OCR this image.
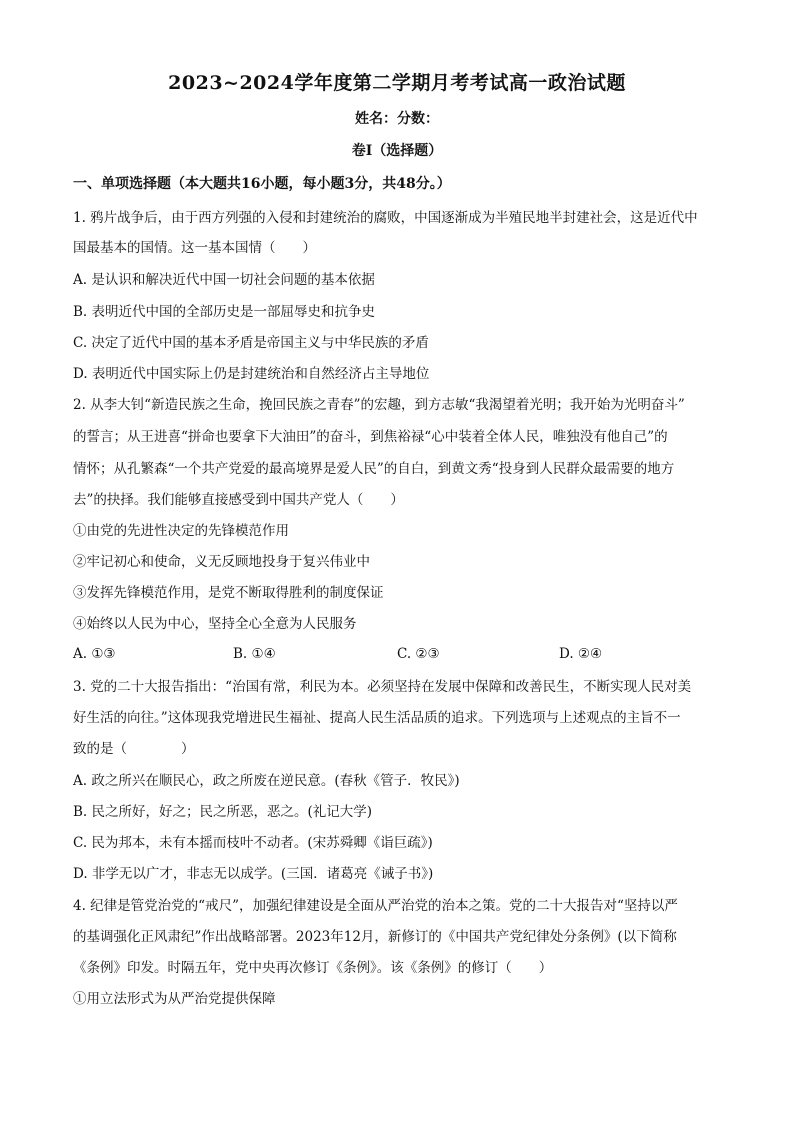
2023~2024学年度第二学期月考考试高一政治试题
姓名：分数：
卷Ⅰ（选择题）
一、单项选择题（本大题共16小题，每小题3分，共48分。）
1. 鸦片战争后，由于西方列强的入侵和封建统治的腐败，中国逐渐成为半殖民地半封建社会，这是近代中
国最基本的国情。这一基本国情（　　）
A. 是认识和解决近代中国一切社会问题的基本依据
B. 表明近代中国的全部历史是一部屈辱史和抗争史
C. 决定了近代中国的基本矛盾是帝国主义与中华民族的矛盾
D. 表明近代中国实际上仍是封建统治和自然经济占主导地位
2. 从李大钊“新造民族之生命，挽回民族之青春”的宏趣，到方志敏“我渴望着光明；我开始为光明奋斗”
的誓言；从王进喜“拼命也要拿下大油田”的奋斗，到焦裕禄“心中装着全体人民，唯独没有他自己”的
情怀；从孔繁森“一个共产党爱的最高境界是爱人民”的自白，到黄文秀“投身到人民群众最需要的地方
去”的抉择。我们能够直接感受到中国共产党人（　　）
①由党的先进性决定的先锋模范作用
②牢记初心和使命，义无反顾地投身于复兴伟业中
③发挥先锋模范作用，是党不断取得胜利的制度保证
④始终以人民为中心，坚持全心全意为人民服务
A. ①③	B. ①④	C. ②③	D. ②④
3. 党的二十大报告指出：“治国有常，利民为本。必须坚持在发展中保障和改善民生，不断实现人民对美
好生活的向往。”这体现我党增进民生福祉、提高人民生活品质的追求。下列选项与上述观点的主旨不一
致的是（　　　　）
A. 政之所兴在顺民心，政之所废在逆民意。(春秋《管子．牧民》)
B. 民之所好，好之；民之所恶，恶之。(礼记大学)
C. 民为邦本，未有本摇而枝叶不动者。(宋苏舜卿《诣巨疏》)
D. 非学无以广才，非志无以成学。(三国．诸葛亮《诫子书》)
4. 纪律是管党治党的“戒尺”，加强纪律建设是全面从严治党的治本之策。党的二十大报告对“坚持以严
的基调强化正风肃纪”作出战略部署。2023年12月，新修订的《中国共产党纪律处分条例》(以下简称
《条例》印发。时隔五年，党中央再次修订《条例》。该《条例》的修订（　　）
①用立法形式为从严治党提供保障
